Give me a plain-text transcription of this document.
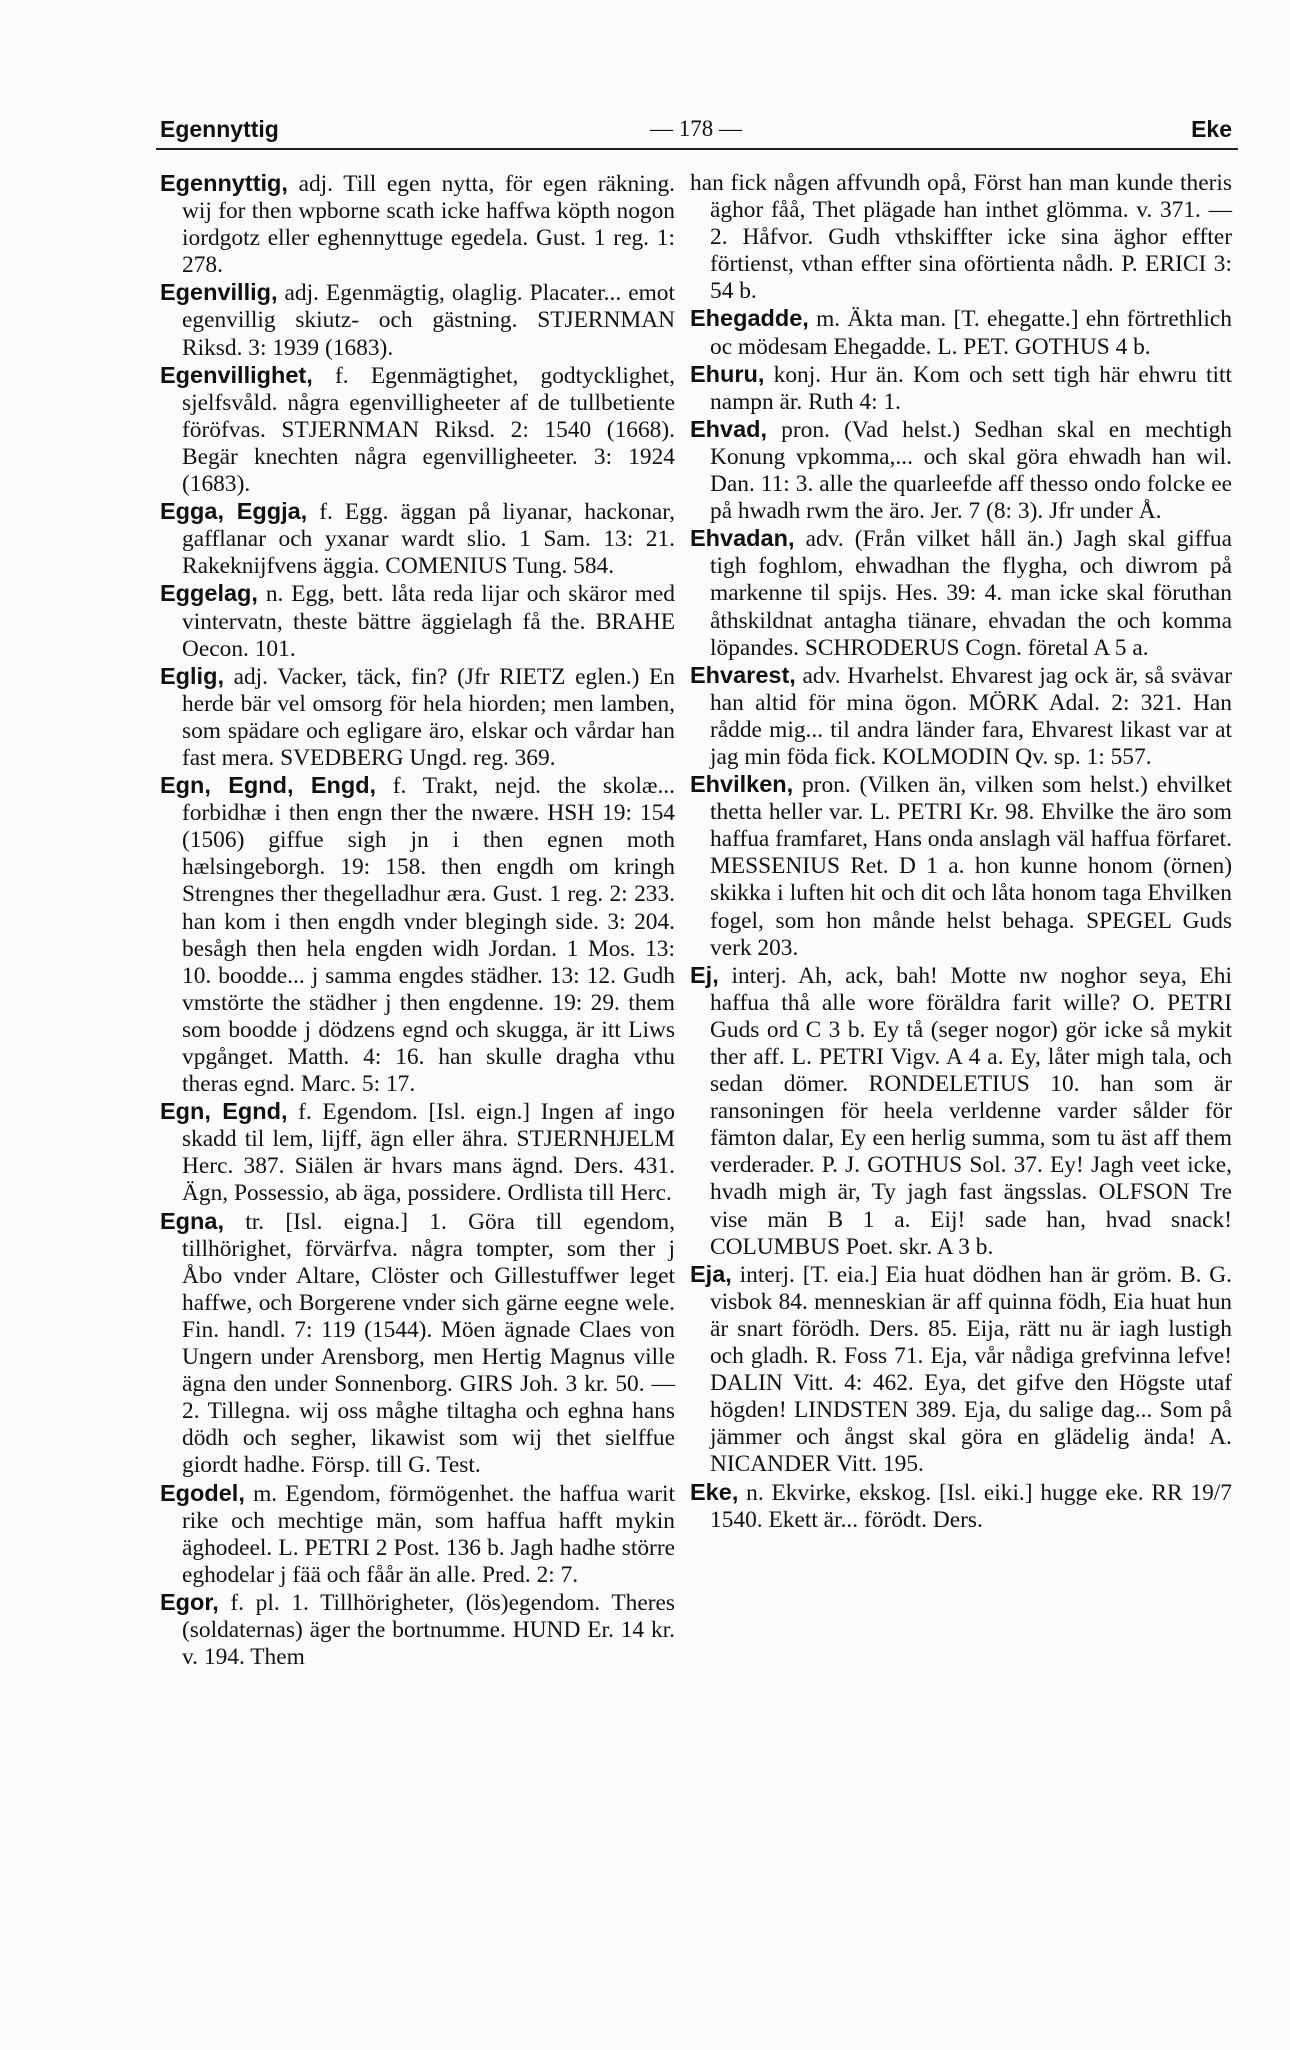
Egennyttig	— 178 —	Eke

Egennyttig, adj. Till egen nytta, för egen räkning. wij for then wpborne scath icke haffwa köpth nogon iordgotz eller eghennyttuge egedela. Gust. 1 reg. 1: 278.

Egenvillig, adj. Egenmägtig, olaglig. Placater... emot egenvillig skiutz- och gästning. STJERNMAN Riksd. 3: 1939 (1683).

Egenvillighet, f. Egenmägtighet, godtycklighet, sjelfsvåld. några egenvilligheeter af de tullbetiente föröfvas. STJERNMAN Riksd. 2: 1540 (1668). Begär knechten några egenvilligheeter. 3: 1924 (1683).

Egga, Eggja, f. Egg. äggan på liyanar, hackonar, gafflanar och yxanar wardt slio. 1 Sam. 13: 21. Rakeknijfvens äggia. COMENIUS Tung. 584.

Eggelag, n. Egg, bett. låta reda lijar och skäror med vintervatn, theste bättre äggielagh få the. BRAHE Oecon. 101.

Eglig, adj. Vacker, täck, fin? (Jfr RIETZ eglen.) En herde bär vel omsorg för hela hiorden; men lamben, som spädare och egligare äro, elskar och vårdar han fast mera. SVEDBERG Ungd. reg. 369.

Egn, Egnd, Engd, f. Trakt, nejd. the skolæ... forbidhæ i then engn ther the nwære. HSH 19: 154 (1506) giffue sigh jn i then egnen moth hælsingeborgh. 19: 158. then engdh om kringh Strengnes ther thegelladhur æra. Gust. 1 reg. 2: 233. han kom i then engdh vnder blegingh side. 3: 204. besågh then hela engden widh Jordan. 1 Mos. 13: 10. boodde... j samma engdes städher. 13: 12. Gudh vmstörte the städher j then engdenne. 19: 29. them som boodde j dödzens egnd och skugga, är itt Liws vpgånget. Matth. 4: 16. han skulle dragha vthu theras egnd. Marc. 5: 17.

Egn, Egnd, f. Egendom. [Isl. eign.] Ingen af ingo skadd til lem, lijff, ägn eller ähra. STJERNHJELM Herc. 387. Siälen är hvars mans ägnd. Ders. 431. Ägn, Possessio, ab äga, possidere. Ordlista till Herc.

Egna, tr. [Isl. eigna.] 1. Göra till egendom, tillhörighet, förvärfva. några tompter, som ther j Åbo vnder Altare, Clöster och Gillestuffwer leget haffwe, och Borgerene vnder sich gärne eegne wele. Fin. handl. 7: 119 (1544). Möen ägnade Claes von Ungern under Arensborg, men Hertig Magnus ville ägna den under Sonnenborg. GIRS Joh. 3 kr. 50. — 2. Tillegna. wij oss måghe tiltagha och eghna hans dödh och segher, likawist som wij thet sielffue giordt hadhe. Försp. till G. Test.

Egodel, m. Egendom, förmögenhet. the haffua warit rike och mechtige män, som haffua hafft mykin äghodeel. L. PETRI 2 Post. 136 b. Jagh hadhe större eghodelar j fää och fåår än alle. Pred. 2: 7.

Egor, f. pl. 1. Tillhörigheter, (lös)egendom. Theres (soldaternas) äger the bortnumme. HUND Er. 14 kr. v. 194. Them

han fick någen affvundh opå, Först han man kunde theris äghor fåå, Thet plägade han inthet glömma. v. 371. — 2. Håfvor. Gudh vthskiffter icke sina äghor effter förtienst, vthan effter sina oförtienta nådh. P. ERICI 3: 54 b.

Ehegadde, m. Äkta man. [T. ehegatte.] ehn förtrethlich oc mödesam Ehegadde. L. PET. GOTHUS 4 b.

Ehuru, konj. Hur än. Kom och sett tigh här ehwru titt nampn är. Ruth 4: 1.

Ehvad, pron. (Vad helst.) Sedhan skal en mechtigh Konung vpkomma,... och skal göra ehwadh han wil. Dan. 11: 3. alle the quarleefde aff thesso ondo folcke ee på hwadh rwm the äro. Jer. 7 (8: 3). Jfr under Å.

Ehvadan, adv. (Från vilket håll än.) Jagh skal giffua tigh foghlom, ehwadhan the flygha, och diwrom på markenne til spijs. Hes. 39: 4. man icke skal föruthan åthskildnat antagha tiänare, ehvadan the och komma löpandes. SCHRODERUS Cogn. företal A 5 a.

Ehvarest, adv. Hvarhelst. Ehvarest jag ock är, så svävar han altid för mina ögon. MÖRK Adal. 2: 321. Han rådde mig... til andra länder fara, Ehvarest likast var at jag min föda fick. KOLMODIN Qv. sp. 1: 557.

Ehvilken, pron. (Vilken än, vilken som helst.) ehvilket thetta heller var. L. PETRI Kr. 98. Ehvilke the äro som haffua framfaret, Hans onda anslagh väl haffua förfaret. MESSENIUS Ret. D 1 a. hon kunne honom (örnen) skikka i luften hit och dit och låta honom taga Ehvilken fogel, som hon månde helst behaga. SPEGEL Guds verk 203.

Ej, interj. Ah, ack, bah! Motte nw noghor seya, Ehi haffua thå alle wore föräldra farit wille? O. PETRI Guds ord C 3 b. Ey tå (seger nogor) gör icke så mykit ther aff. L. PETRI Vigv. A 4 a. Ey, låter migh tala, och sedan dömer. RONDELETIUS 10. han som är ransoningen för heela verldenne varder sålder för fämton dalar, Ey een herlig summa, som tu äst aff them verderader. P. J. GOTHUS Sol. 37. Ey! Jagh veet icke, hvadh migh är, Ty jagh fast ängsslas. OLFSON Tre vise män B 1 a. Eij! sade han, hvad snack! COLUMBUS Poet. skr. A 3 b.

Eja, interj. [T. eia.] Eia huat dödhen han är gröm. B. G. visbok 84. menneskian är aff quinna födh, Eia huat hun är snart förödh. Ders. 85. Eija, rätt nu är iagh lustigh och gladh. R. Foss 71. Eja, vår nådiga grefvinna lefve! DALIN Vitt. 4: 462. Eya, det gifve den Högste utaf högden! LINDSTEN 389. Eja, du salige dag... Som på jämmer och ångst skal göra en glädelig ända! A. NICANDER Vitt. 195.

Eke, n. Ekvirke, ekskog. [Isl. eiki.] hugge eke. RR 19/7 1540. Ekett är... förödt. Ders.
